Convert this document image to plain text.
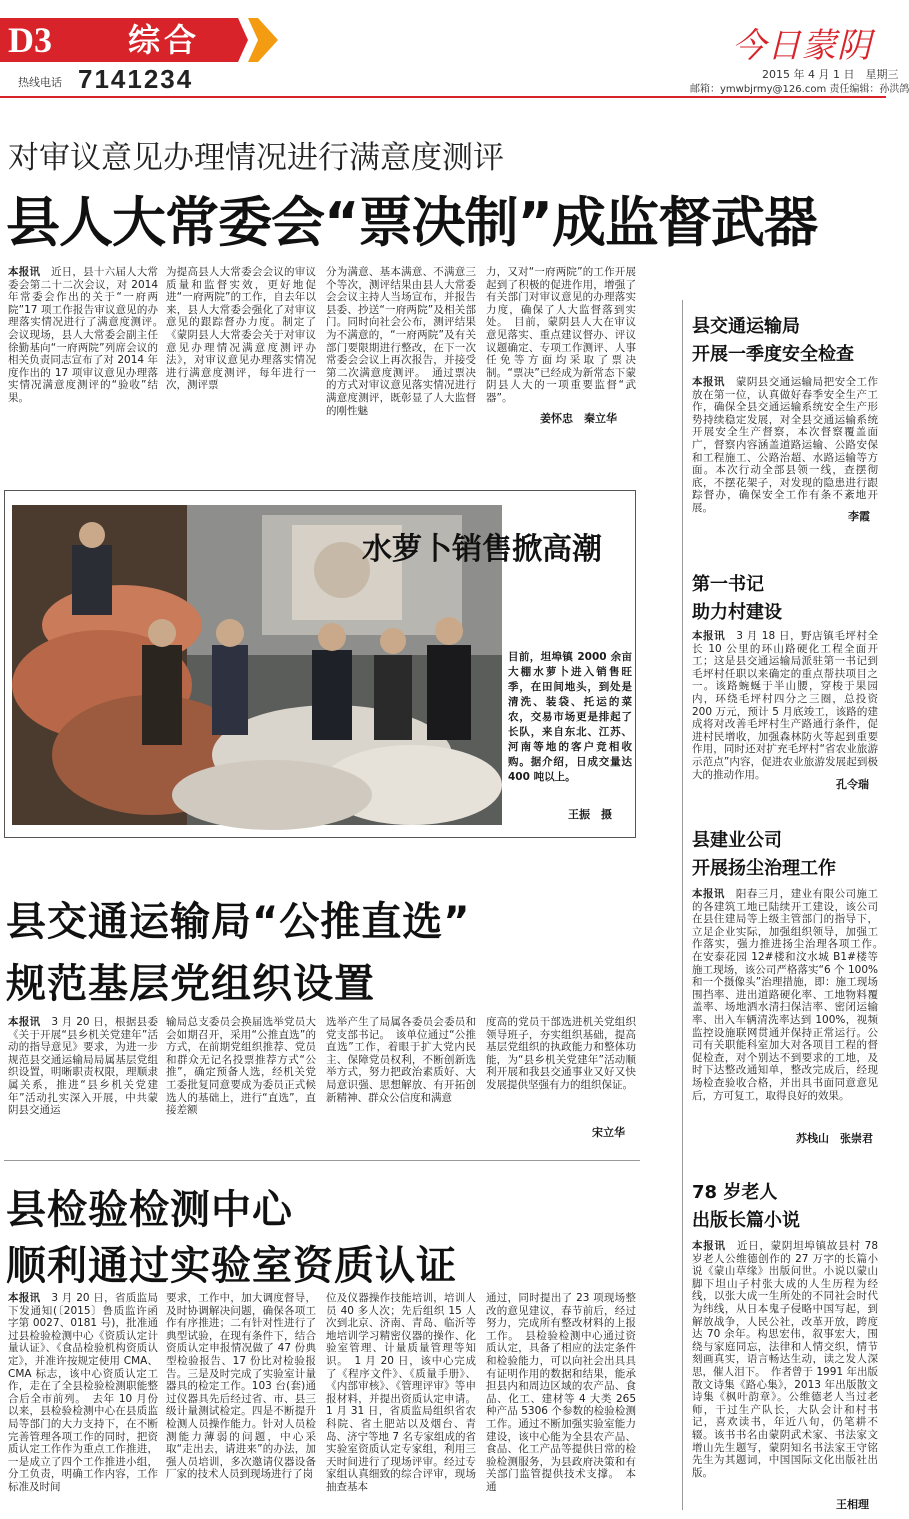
D3 综合
热线电话 7141234
今日蒙阴
2015 年 4 月 1 日　星期三
邮箱：ymwbjrmy@126.com 责任编辑：孙洪鸽
对审议意见办理情况进行满意度测评
县人大常委会“票决制”成监督武器
本报讯　 近日，县十六届人大常委会第二十二次会议，对 2014 年常委会作出的关于“一府两院”17 项工作报告审议意见的办理落实情况进行了满意度测评。　会议现场，县人大常委会副主任徐勤基向“一府两院”列席会议的相关负责同志宣布了对 2014 年度作出的 17 项审议意见办理落实情况满意度测评的“验收”结果。
为提高县人大常委会会议的审议质量和监督实效，更好地促进“一府两院”的工作，自去年以来，县人大常委会强化了对审议意见的跟踪督办力度。制定了《蒙阴县人大常委会关于对审议意见办理情况满意度测评办法》，对审议意见办理落实情况进行满意度测评，每年进行一次，测评票
分为满意、基本满意、不满意三个等次，测评结果由县人大常委会会议主持人当场宣布，并报告县委、抄送“一府两院”及相关部门。同时向社会公布，测评结果为不满意的，“一府两院”及有关部门要限期进行整改，在下一次常委会会议上再次报告，并接受第二次满意度测评。　通过票决的方式对审议意见落实情况进行满意度测评，既彰显了人大监督的刚性魅
力，又对“一府两院”的工作开展起到了积极的促进作用，增强了有关部门对审议意见的办理落实力度，确保了人大监督落到实处。　目前，蒙阴县人大在审议意见落实、重点建议督办、评议议题确定、专项工作测评、人事任免等方面均采取了票决制。“票决”已经成为新常态下蒙阴县人大的一项重要监督“武器”。
姜怀忠　秦立华
水萝卜销售掀高潮
目前，坦埠镇 2000 余亩大棚水萝卜进入销售旺季，在田间地头，到处是清洗、装袋、托运的菜农，交易市场更是排起了长队，来自东北、江苏、河南等地的客户竞相收购。据介绍，日成交量达 400 吨以上。
王振　摄
县交通运输局“公推直选”
规范基层党组织设置
本报讯　 3 月 20 日，根据县委《关于开展“县乡机关党建年”活动的指导意见》要求，为进一步规范县交通运输局局属基层党组织设置，明晰职责权限，理顺隶属关系，推进“县乡机关党建年”活动扎实深入开展，中共蒙阴县交通运
输局总支委员会换届选举党员大会如期召开，采用“公推直选”的方式，在前期党组织推荐、党员和群众无记名投票推荐方式“公推”，确定预备人选，经机关党工委批复同意要成为委员正式候选人的基础上，进行“直选”，直接差额
选举产生了局属各委员会委员和党支部书记。　该单位通过“公推直选”工作，着眼于扩大党内民主、保障党员权利，不断创新选举方式，努力把政治素质好、大局意识强、思想解放、有开拓创新精神、群众公信度和满意
度高的党员干部选进机关党组织领导班子，夯实组织基础，提高基层党组织的执政能力和整体功能，为“县乡机关党建年”活动顺利开展和我县交通事业又好又快发展提供坚强有力的组织保证。
宋立华
县检验检测中心
顺利通过实验室资质认证
本报讯　 3 月 20 日，省质监局下发通知(〔2015〕鲁质监许函字第 0027、0181 号)，批准通过县检验检测中心《资质认定计量认证》、《食品检验机构资质认定》，并准许按规定使用 CMA、CMA 标志，该中心资质认定工作，走在了全县检验检测职能整合后全市前列。　去年 10 月份以来，县检验检测中心在县质监局等部门的大力支持下，在不断完善管理各项工作的同时，把资质认定工作作为重点工作推进，一是成立了四个工作推进小组，分工负责，明确工作内容，工作标准及时间
要求，工作中，加大调度督导，及时协调解决问题，确保各项工作有序推进；二有针对性进行了典型试验，在现有条件下，结合资质认定申报情况做了 47 份典型检验报告、17 份比对检验报告。三是及时完成了实验室计量器具的检定工作。103 台(套)通过仪器具先后经过省、市、县三级计量测试检定。四是不断提升检测人员操作能力。针对人员检测能力薄弱的问题，中心采取“走出去，请进来”的办法，加强人员培训，多次邀请仪器设备厂家的技术人员到现场进行了岗
位及仪器操作技能培训，培训人员 40 多人次；先后组织 15 人次到北京、济南、青岛、临沂等地培训学习精密仪器的操作、化验室管理、计量质量管理等知识。　1 月 20 日，该中心完成了《程序文件》、《质量手册》、《内部审核》、《管理评审》等申报材料，并提出资质认定申请。1 月 31 日，省质监局组织省农科院、省土肥站以及烟台、青岛、济宁等地 7 名专家组成的省实验室资质认定专家组，利用三天时间进行了现场评审。经过专家组认真细致的综合评审，现场抽查基本
通过，同时提出了 23 项现场整改的意见建议，春节前后，经过努力，完成所有整改材料的上报工作。　县检验检测中心通过资质认定，具备了相应的法定条件和检验能力，可以向社会出具具有证明作用的数据和结果，能承担县内和周边区域的农产品、食品、化工、建材等 4 大类 265 种产品 5306 个参数的检验检测工作。通过不断加强实验室能力建设，该中心能为全县农产品、食品、化工产品等提供日常的检验检测服务，为县政府决策和有关部门监管提供技术支撑。　本通
县交通运输局
开展一季度安全检查
本报讯　 蒙阴县交通运输局把安全工作放在第一位，认真做好春季安全生产工作，确保全县交通运输系统安全生产形势持续稳定发展，对全县交通运输系统开展安全生产督察，本次督察覆盖面广，督察内容涵盖道路运输、公路安保和工程施工、公路治超、水路运输等方面。本次行动全部县领一线，查摆彻底，不摆花架子，对发现的隐患进行跟踪督办，确保安全工作有条不紊地开展。
李霞
第一书记
助力村建设
本报讯　 3 月 18 日，野店镇毛坪村全长 10 公里的环山路硬化工程全面开工；这是县交通运输局派驻第一书记到毛坪村任职以来确定的重点帮扶项目之一。该路蜿蜒于半山腰，穿梭于果园内，环绕毛坪村四分之三圈，总投资 200 万元，预计 5 月底竣工，该路的建成将对改善毛坪村生产路通行条件，促进村民增收，加强森林防火等起到重要作用，同时还对扩充毛坪村“省农业旅游示范点”内容，促进农业旅游发展起到极大的推动作用。
孔令瑞
县建业公司
开展扬尘治理工作
本报讯　 阳春三月，建业有限公司施工的各建筑工地已陆续开工建设，该公司在县住建局等上级主管部门的指导下，立足企业实际，加强组织领导，加强工作落实，强力推进扬尘治理各项工作。　在安泰花园 12#楼和汶水城 B1#楼等施工现场，该公司严格落实“6 个 100%和一个摄像头”治理措施，即：施工现场围挡率、进出道路硬化率、工地物料覆盖率、场地洒水清扫保洁率、密闭运输率、出入车辆清洗率达到 100%，视频监控设施联网贯通并保持正常运行。公司有关职能科室加大对各项目工程的督促检查，对个别达不到要求的工地，及时下达整改通知单，整改完成后，经现场检查验收合格，并出具书面同意意见后，方可复工，取得良好的效果。
苏栈山　张崇君
78 岁老人
出版长篇小说
本报讯　 近日，蒙阴坦埠镇故县村 78 岁老人公维德创作的 27 万字的长篇小说《蒙山草缘》出版问世。小说以蒙山脚下坦山子村张大成的人生历程为经线，以张大成一生所处的不同社会时代为纬线，从日本鬼子侵略中国写起，到解放战争，人民公社，改革开放，跨度达 70 余年。构思宏伟，叙事宏大，围绕与家庭同忘，法律和人情交织，情节刻画真实，语言畅达生动，读之发人深思，催人泪下。　作者曾于 1991 年出版散文诗集《路心集》，2013 年出版散文诗集《枫叶韵章》。公维德老人当过老师，干过生产队长，大队会计和村书记，喜欢读书，年近八旬，仍笔耕不辍。该书书名由蒙阴武术家、书法家文增山先生题写，蒙阴知名书法家王守铭先生为其题词，中国国际文化出版社出版。
王相理
